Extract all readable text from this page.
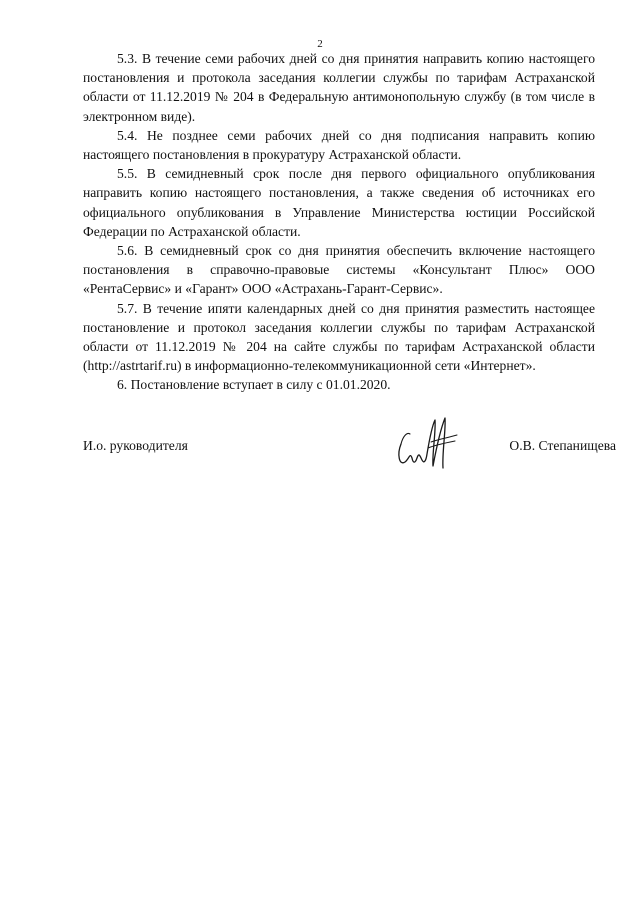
2

5.3. В течение семи рабочих дней со дня принятия направить копию настоящего постановления и протокола заседания коллегии службы по тарифам Астраханской области от 11.12.2019 № 204 в Федеральную антимонопольную службу (в том числе в электронном виде).

5.4. Не позднее семи рабочих дней со дня подписания направить копию настоящего постановления в прокуратуру Астраханской области.

5.5. В семидневный срок после дня первого официального опубликования направить копию настоящего постановления, а также сведения об источниках его официального опубликования в Управление Министерства юстиции Российской Федерации по Астраханской области.

5.6. В семидневный срок со дня принятия обеспечить включение настоящего постановления в справочно-правовые системы «Консультант Плюс» ООО «РентаСервис» и «Гарант» ООО «Астрахань-Гарант-Сервис».

5.7. В течение ипяти календарных дней со дня принятия разместить настоящее постановление и протокол заседания коллегии службы по тарифам Астраханской области от 11.12.2019 № 204 на сайте службы по тарифам Астраханской области (http://astrtarif.ru) в информационно-телекоммуникационной сети «Интернет».

6. Постановление вступает в силу с 01.01.2020.

И.о. руководителя	О.В. Степанищева
